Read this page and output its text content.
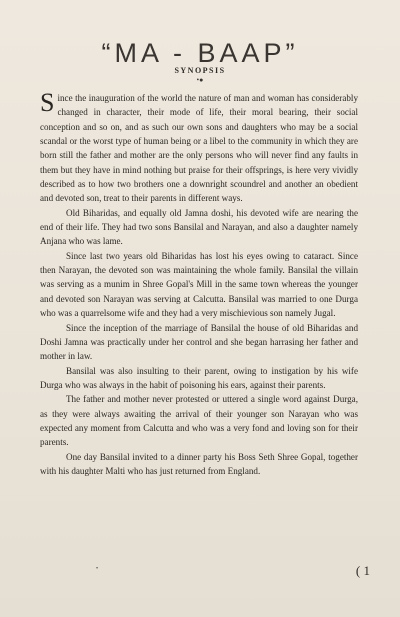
“MA - BAAP”
SYNOPSIS
•●

Since the inauguration of the world the nature of man and woman has considerably changed in character, their mode of life, their moral bearing, their social conception and so on, and as such our own sons and daughters who may be a social scandal or the worst type of human being or a libel to the community in which they are born still the father and mother are the only persons who will never find any faults in them but they have in mind nothing but praise for their offsprings, is here very vividly described as to how two brothers one a downright scoundrel and another an obedient and devoted son, treat to their parents in different ways.

Old Biharidas, and equally old Jamna doshi, his devoted wife are nearing the end of their life. They had two sons Bansilal and Narayan, and also a daughter namely Anjana who was lame.

Since last two years old Biharidas has lost his eyes owing to cataract. Since then Narayan, the devoted son was maintaining the whole family. Bansilal the villain was serving as a munim in Shree Gopal's Mill in the same town whereas the younger and devoted son Narayan was serving at Calcutta. Bansilal was married to one Durga who was a quarrelsome wife and they had a very mischievious son namely Jugal.

Since the inception of the marriage of Bansilal the house of old Biharidas and Doshi Jamna was practically under her control and she began harrasing her father and mother in law.

Bansilal was also insulting to their parent, owing to instigation by his wife Durga who was always in the habit of poisoning his ears, against their parents.

The father and mother never protested or uttered a single word against Durga, as they were always awaiting the arrival of their younger son Narayan who was expected any moment from Calcutta and who was a very fond and loving son for their parents.

One day Bansilal invited to a dinner party his Boss Seth Shree Gopal, together with his daughter Malti who has just returned from England.

•	( 1
